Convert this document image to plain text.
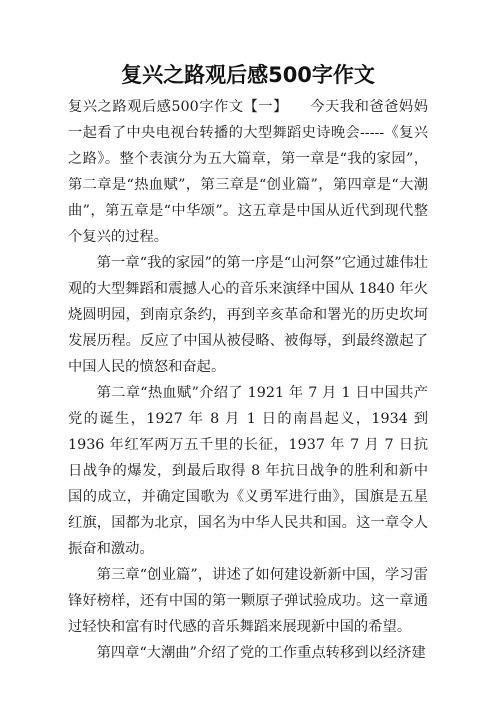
复兴之路观后感500字作文

复兴之路观后感500字作文【一】　　今天我和爸爸妈妈一起看了中央电视台转播的大型舞蹈史诗晚会-----《复兴之路》。整个表演分为五大篇章，第一章是“我的家园”，第二章是“热血赋”，第三章是“创业篇”，第四章是“大潮曲”，第五章是“中华颂”。这五章是中国从近代到现代整个复兴的过程。

第一章“我的家园”的第一序是“山河祭”它通过雄伟壮观的大型舞蹈和震撼人心的音乐来演绎中国从 1840 年火烧圆明园，到南京条约，再到辛亥革命和署光的历史坎坷发展历程。反应了中国从被侵略、被侮辱，到最终激起了中国人民的愤怒和奋起。

第二章“热血赋”介绍了 1921 年 7 月 1 日中国共产党的诞生，1927 年 8 月 1 日的南昌起义，1934 到 1936 年红军两万五千里的长征，1937 年 7 月 7 日抗日战争的爆发，到最后取得 8 年抗日战争的胜利和新中国的成立，并确定国歌为《义勇军进行曲》，国旗是五星红旗，国都为北京，国名为中华人民共和国。这一章令人振奋和激动。

第三章“创业篇”，讲述了如何建设新新中国，学习雷锋好榜样，还有中国的第一颗原子弹试验成功。这一章通过轻快和富有时代感的音乐舞蹈来展现新中国的希望。

第四章“大潮曲”介绍了党的工作重点转移到以经济建
